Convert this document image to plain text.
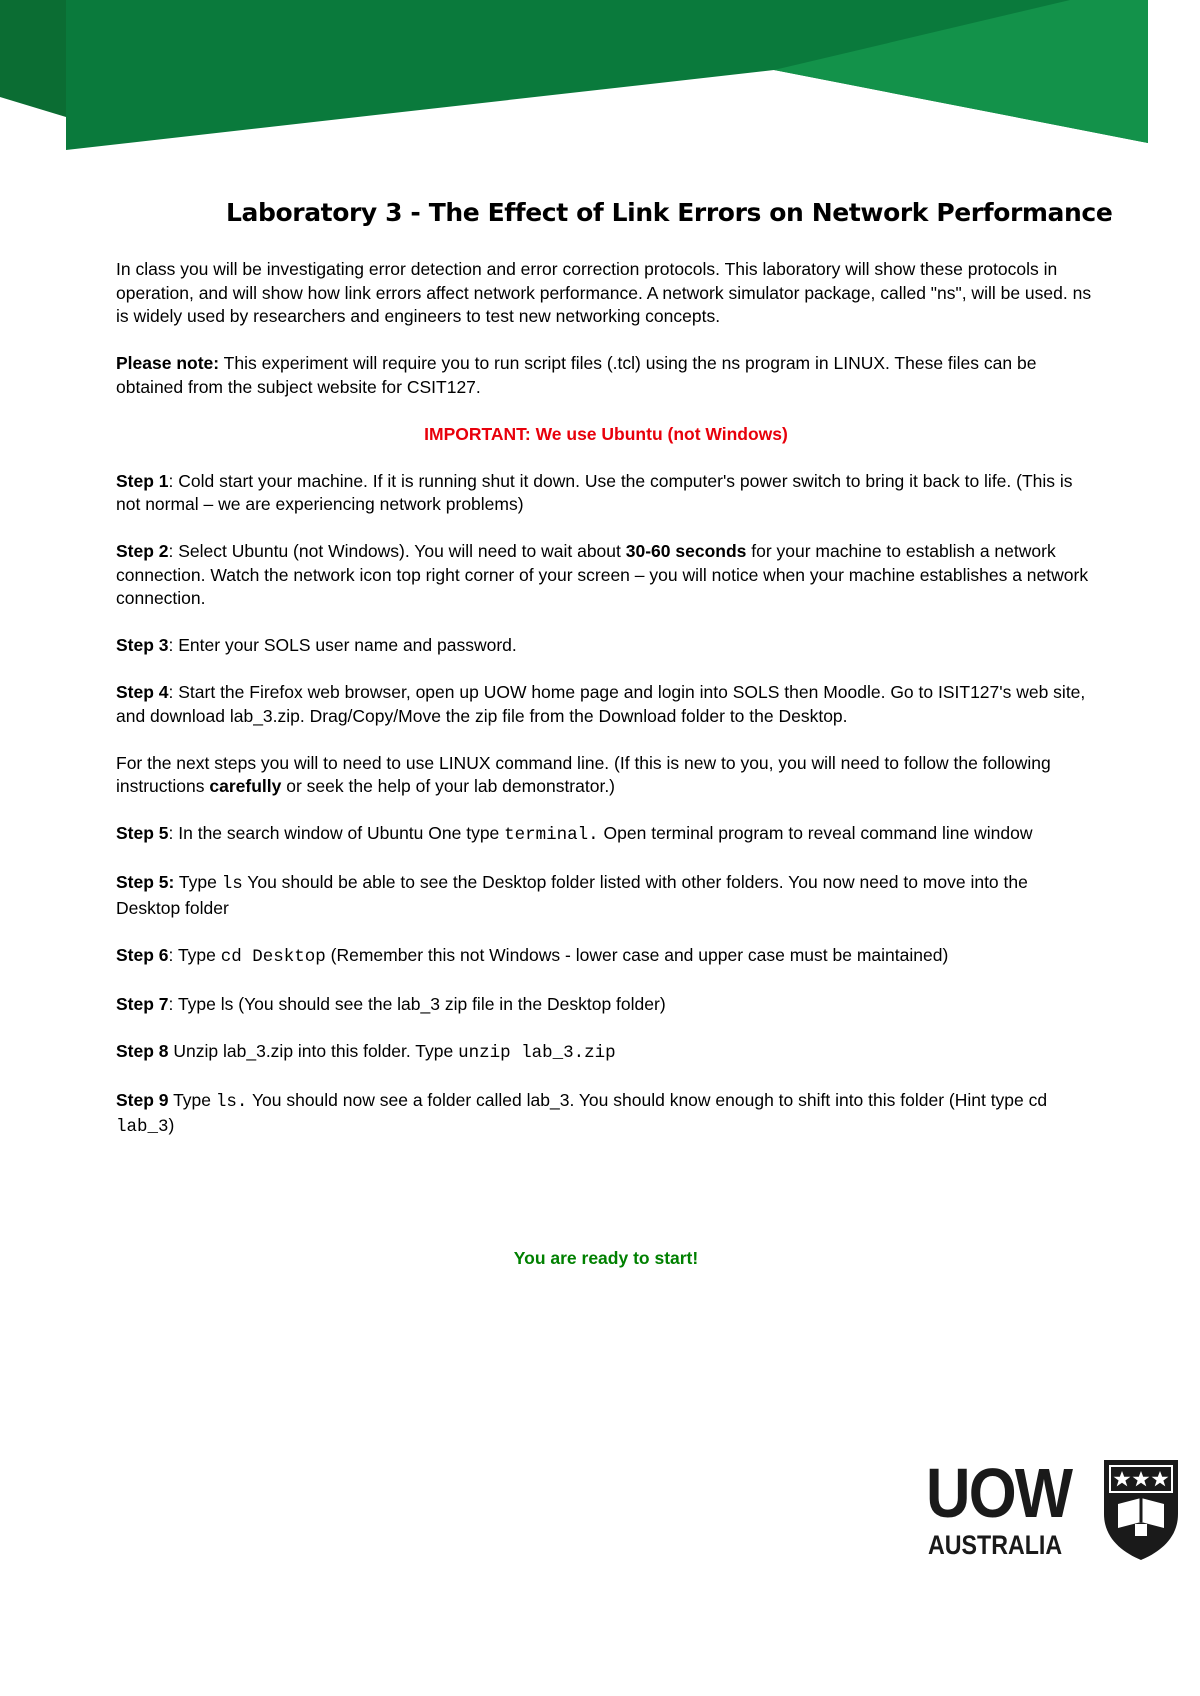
Laboratory 3 - The Effect of Link Errors on Network Performance

In class you will be investigating error detection and error correction protocols. This laboratory will show these protocols in operation, and will show how link errors affect network performance. A network simulator package, called "ns", will be used. ns is widely used by researchers and engineers to test new networking concepts.

Please note: This experiment will require you to run script files (.tcl) using the ns program in LINUX. These files can be obtained from the subject website for CSIT127.

IMPORTANT: We use Ubuntu (not Windows)

Step 1: Cold start your machine. If it is running shut it down. Use the computer's power switch to bring it back to life. (This is not normal – we are experiencing network problems)

Step 2: Select Ubuntu (not Windows). You will need to wait about 30-60 seconds for your machine to establish a network connection. Watch the network icon top right corner of your screen – you will notice when your machine establishes a network connection.

Step 3: Enter your SOLS user name and password.

Step 4: Start the Firefox web browser, open up UOW home page and login into SOLS then Moodle. Go to ISIT127's web site, and download lab_3.zip. Drag/Copy/Move the zip file from the Download folder to the Desktop.

For the next steps you will to need to use LINUX command line. (If this is new to you, you will need to follow the following instructions carefully or seek the help of your lab demonstrator.)

Step 5: In the search window of Ubuntu One type terminal. Open terminal program to reveal command line window

Step 5: Type ls You should be able to see the Desktop folder listed with other folders. You now need to move into the Desktop folder

Step 6: Type cd Desktop (Remember this not Windows - lower case and upper case must be maintained)

Step 7: Type ls (You should see the lab_3 zip file in the Desktop folder)

Step 8 Unzip lab_3.zip into this folder. Type unzip lab_3.zip

Step 9 Type ls. You should now see a folder called lab_3. You should know enough to shift into this folder (Hint type cd lab_3)

You are ready to start!

UOW
AUSTRALIA
